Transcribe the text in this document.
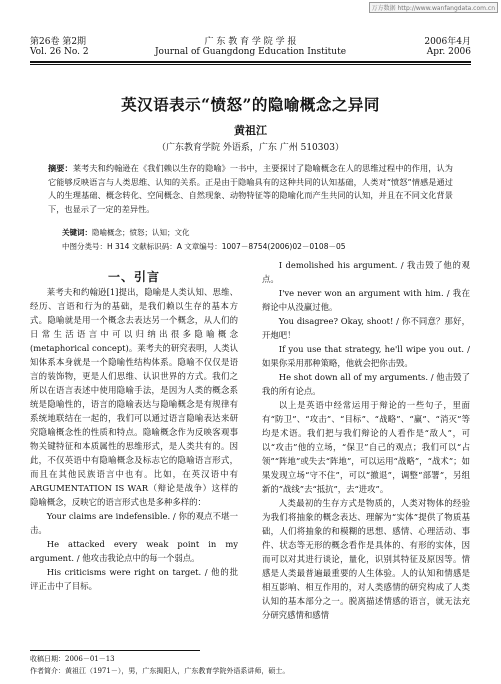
万方数据 http://www.wanfangdata.com.cn
第26卷 第2期	广 东 教 育 学 院 学 报	2006年4月
Vol. 26 No. 2	Journal of Guangdong Education Institute	Apr. 2006
英汉语表示“愤怒”的隐喻概念之异同
黄祖江
（广东教育学院 外语系，广东 广州 510303）
摘要：莱考夫和约翰逊在《我们赖以生存的隐喻》一书中，主要探讨了隐喻概念在人的思维过程中的作用，认为它能够反映语言与人类思维、认知的关系。正是由于隐喻具有的这种共同的认知基础，人类对“愤怒”情感是通过人的生理基础、概念转化、空间概念、自然现象、动物特征等的隐喻化而产生共同的认知，并且在不同文化背景下，也显示了一定的差异性。
关键词：隐喻概念；愤怒；认知；文化
中图分类号：H 314 文献标识码：A 文章编号：1007－8754(2006)02－0108－05
一、引言

莱考夫和约翰逊[1]提出，隐喻是人类认知、思维、经历、言语和行为的基础，是我们赖以生存的基本方式。隐喻就是用一个概念去表达另一个概念，从人们的日常生活语言中可以归纳出很多隐喻概念(metaphorical concept)。莱考夫的研究表明，人类认知体系本身就是一个隐喻性结构体系。隐喻不仅仅是语言的装饰物，更是人们思维、认识世界的方式。我们之所以在语言表述中使用隐喻手法，是因为人类的概念系统是隐喻性的，语言的隐喻表达与隐喻概念是有规律有系统地联结在一起的，我们可以通过语言隐喻表达来研究隐喻概念性的性质和特点。隐喻概念作为反映客观事物关键特征和本质属性的思维形式，是人类共有的。因此，不仅英语中有隐喻概念及标志它的隐喻语言形式，而且在其他民族语言中也有。比如，在英汉语中有ARGUMENTATION IS WAR（辩论是战争）这样的隐喻概念，反映它的语言形式也是多种多样的：

Your claims are indefensible. / 你的观点不堪一击。

He attacked every weak point in my argument. / 他攻击我论点中的每一个弱点。

His criticisms were right on target. / 他的批评正击中了目标。

I demolished his argument. / 我击毁了他的观点。

I've never won an argument with him. / 我在辩论中从没赢过他。

You disagree? Okay, shoot! / 你不同意？那好，开炮吧！

If you use that strategy, he'll wipe you out. / 如果你采用那种策略，他就会把你击毁。

He shot down all of my arguments. / 他击毁了我的所有论点。

以上是英语中经常运用于辩论的一些句子，里面有“防卫”、“攻击”、“目标”、“战略”、“赢”、“消灭”等均是术语。我们把与我们辩论的人看作是“敌人”，可以“攻击”他的立场，“保卫”自己的观点；我们可以“占领”“阵地”或失去“阵地”，可以运用“战略”，“战术”；如果发现立场“守不住”，可以“撤退”，调整“部署”，另组新的“战线”去“抵抗”，去“进攻”。

人类最初的生存方式是物质的，人类对物体的经验为我们将抽象的概念表达、理解为“实体”提供了物质基础，人们将抽象的和模糊的思想、感情、心理活动、事件、状态等无形的概念看作是具体的、有形的实体，因而可以对其进行谈论，量化，识别其特征及原因等。情感是人类最普遍最重要的人生体验。人的认知和情感是相互影响、相互作用的，对人类感情的研究构成了人类认知的基本部分之一。脱离描述情感的语言，就无法充分研究感情和感情

收稿日期：2006－01－13
作者简介：黄祖江（1971－），男，广东揭阳人，广东教育学院外语系讲师，硕士。
